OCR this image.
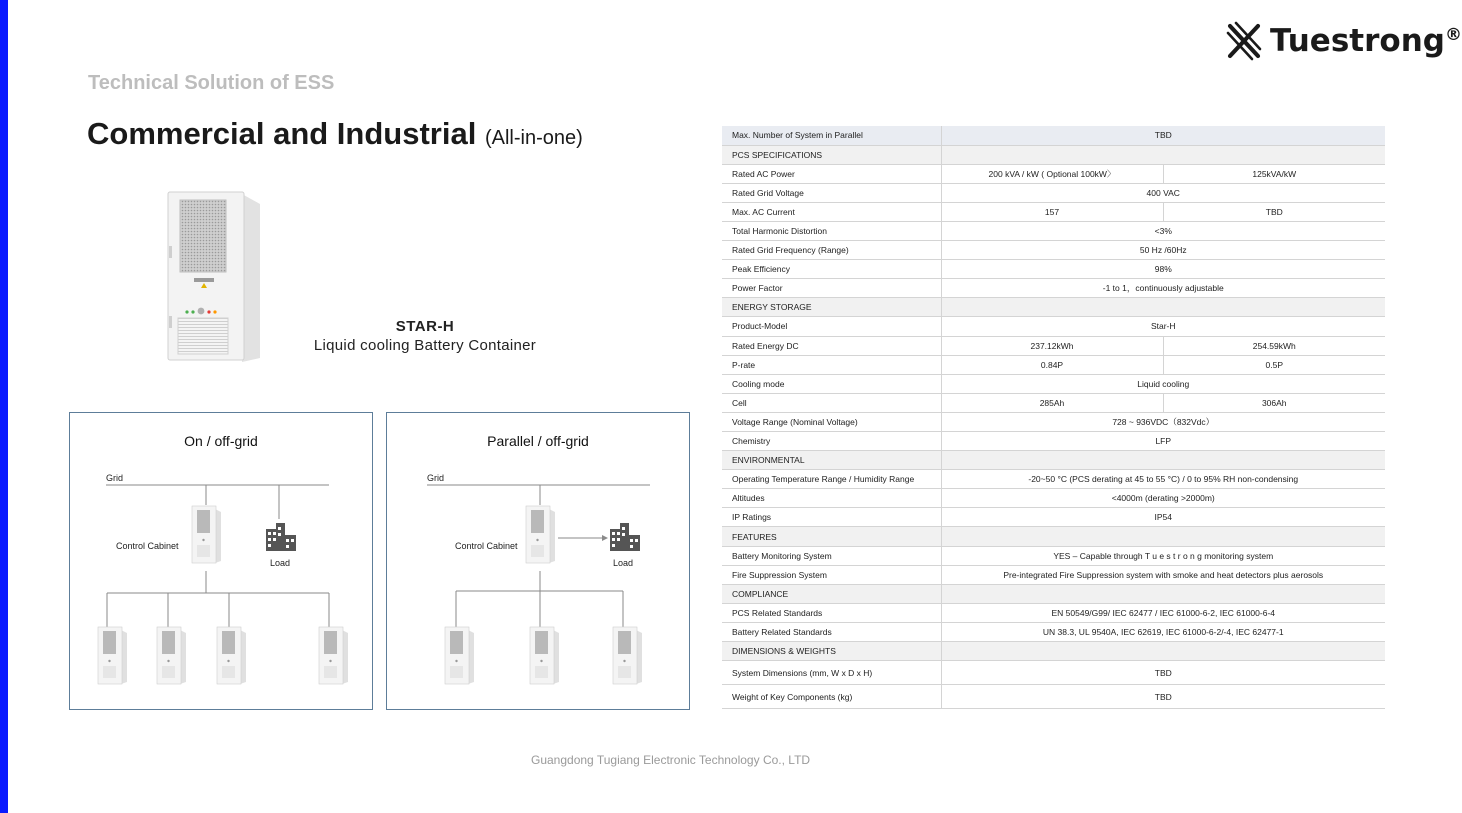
Tuestrong®
Technical Solution of ESS
Commercial and Industrial (All-in-one)
STAR-H
Liquid cooling Battery Container
On / off-grid
Grid
Control Cabinet
Load
Parallel / off-grid
Grid
Control Cabinet
Load
Max. Number of System in Parallel	TBD	
PCS SPECIFICATIONS		
Rated AC Power	200 kVA / kW ( Optional 100kW〉	125kVA/kW
Rated Grid Voltage	400 VAC	
Max. AC Current	157	TBD
Total Harmonic Distortion	<3%	
Rated Grid Frequency (Range)	50 Hz /60Hz	
Peak Efficiency	98%	
Power Factor	-1 to 1，continuously adjustable	
ENERGY STORAGE		
Product-Model	Star-H	
Rated Energy DC	237.12kWh	254.59kWh
P-rate	0.84P	0.5P
Cooling mode	Liquid cooling	
Cell	285Ah	306Ah
Voltage Range (Nominal Voltage)	728 ~ 936VDC（832Vdc）	
Chemistry	LFP	
ENVIRONMENTAL		
Operating Temperature Range / Humidity Range	-20~50 °C (PCS derating at 45 to 55 °C) / 0 to 95% RH non-condensing	
Altitudes	<4000m (derating >2000m)	
IP Ratings	IP54	
FEATURES		
Battery Monitoring System	YES – Capable through T u e s t r o n g monitoring system	
Fire Suppression System	Pre-integrated Fire Suppression system with smoke and heat detectors plus aerosols	
COMPLIANCE		
PCS Related Standards	EN 50549/G99/ IEC 62477 / IEC 61000-6-2, IEC 61000-6-4	
Battery Related Standards	UN 38.3, UL 9540A, IEC 62619, IEC 61000-6-2/-4, IEC 62477-1	
DIMENSIONS & WEIGHTS		
System Dimensions (mm, W x D x H)	TBD	
Weight of Key Components (kg)	TBD	
Guangdong Tugiang Electronic Technology Co., LTD
